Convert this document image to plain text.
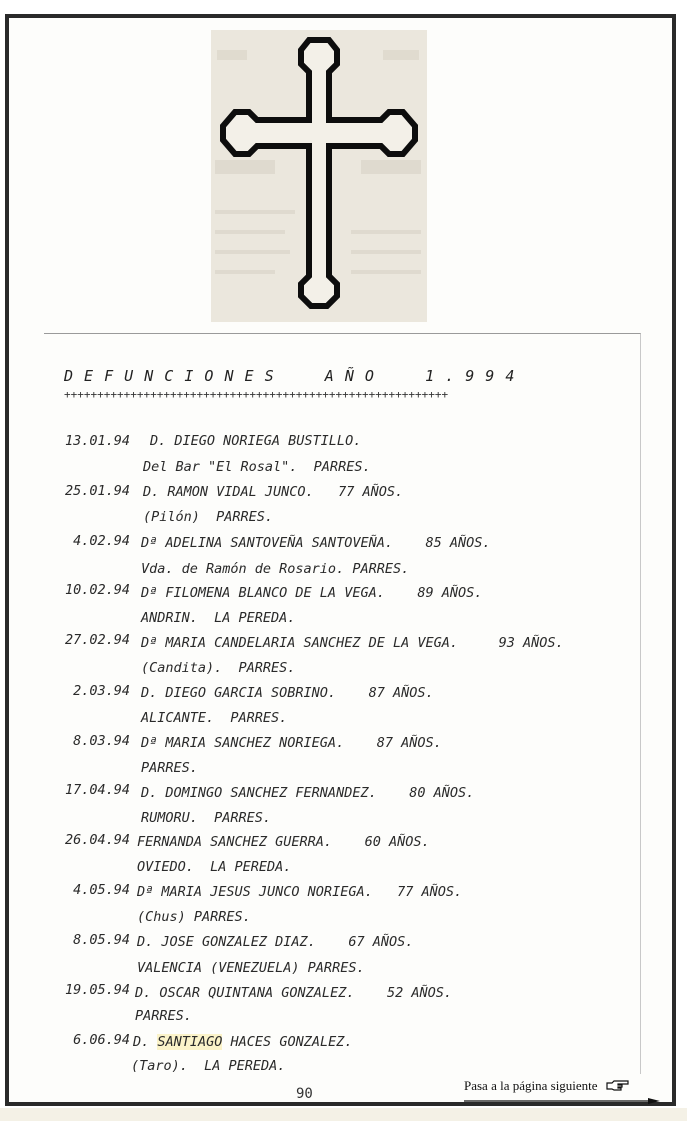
D E F U N C I O N E S     A Ñ O     1 . 9 9 4
++++++++++++++++++++++++++++++++++++++++++++++++++++++++++
13.01.94 D. DIEGO NORIEGA BUSTILLO.
Del Bar "El Rosal".  PARRES.
25.01.94 D. RAMON VIDAL JUNCO.   77 AÑOS.
(Pilón)  PARRES.
4.02.94 Dª ADELINA SANTOVEÑA SANTOVEÑA.    85 AÑOS.
Vda. de Ramón de Rosario. PARRES.
10.02.94 Dª FILOMENA BLANCO DE LA VEGA.    89 AÑOS.
ANDRIN.  LA PEREDA.
27.02.94 Dª MARIA CANDELARIA SANCHEZ DE LA VEGA.     93 AÑOS.
(Candita).  PARRES.
2.03.94 D. DIEGO GARCIA SOBRINO.    87 AÑOS.
ALICANTE.  PARRES.
8.03.94 Dª MARIA SANCHEZ NORIEGA.    87 AÑOS.
PARRES.
17.04.94 D. DOMINGO SANCHEZ FERNANDEZ.    80 AÑOS.
RUMORU.  PARRES.
26.04.94 FERNANDA SANCHEZ GUERRA.    60 AÑOS.
OVIEDO.  LA PEREDA.
4.05.94 Dª MARIA JESUS JUNCO NORIEGA.   77 AÑOS.
(Chus) PARRES.
8.05.94 D. JOSE GONZALEZ DIAZ.    67 AÑOS.
VALENCIA (VENEZUELA) PARRES.
19.05.94 D. OSCAR QUINTANA GONZALEZ.    52 AÑOS.
PARRES.
6.06.94 D. SANTIAGO HACES GONZALEZ.
(Taro).  LA PEREDA.
90
Pasa a la página siguiente
